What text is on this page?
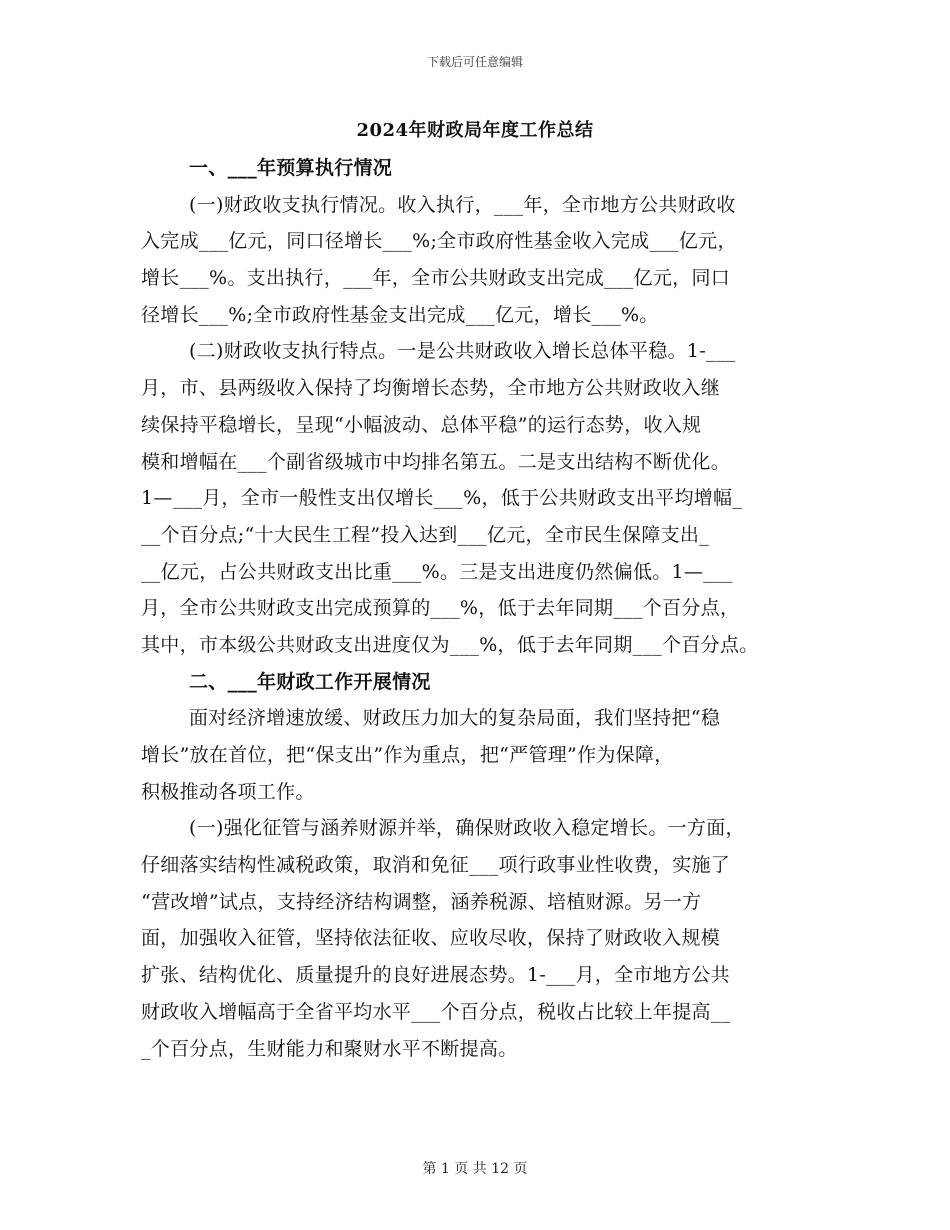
下载后可任意编辑
2024年财政局年度工作总结
一、___年预算执行情况
(一)财政收支执行情况。收入执行，___年，全市地方公共财政收
入完成___亿元，同口径增长___%;全市政府性基金收入完成___亿元，
增长___%。支出执行，___年，全市公共财政支出完成___亿元，同口
径增长___%;全市政府性基金支出完成___亿元，增长___%。
(二)财政收支执行特点。一是公共财政收入增长总体平稳。1-___
月，市、县两级收入保持了均衡增长态势，全市地方公共财政收入继
续保持平稳增长，呈现“小幅波动、总体平稳”的运行态势，收入规
模和增幅在___个副省级城市中均排名第五。二是支出结构不断优化。
1—___月，全市一般性支出仅增长___%，低于公共财政支出平均增幅_
__个百分点;“十大民生工程”投入达到___亿元，全市民生保障支出_
__亿元，占公共财政支出比重___%。三是支出进度仍然偏低。1—___
月，全市公共财政支出完成预算的___%，低于去年同期___个百分点，
其中，市本级公共财政支出进度仅为___%，低于去年同期___个百分点。
二、___年财政工作开展情况
面对经济增速放缓、财政压力加大的复杂局面，我们坚持把“稳
增长”放在首位，把“保支出”作为重点，把“严管理”作为保障，
积极推动各项工作。
(一)强化征管与涵养财源并举，确保财政收入稳定增长。一方面，
仔细落实结构性减税政策，取消和免征___项行政事业性收费，实施了
“营改增”试点，支持经济结构调整，涵养税源、培植财源。另一方
面，加强收入征管，坚持依法征收、应收尽收，保持了财政收入规模
扩张、结构优化、质量提升的良好进展态势。1-___月，全市地方公共
财政收入增幅高于全省平均水平___个百分点，税收占比较上年提高__
_个百分点，生财能力和聚财水平不断提高。
第 1 页 共 12 页
